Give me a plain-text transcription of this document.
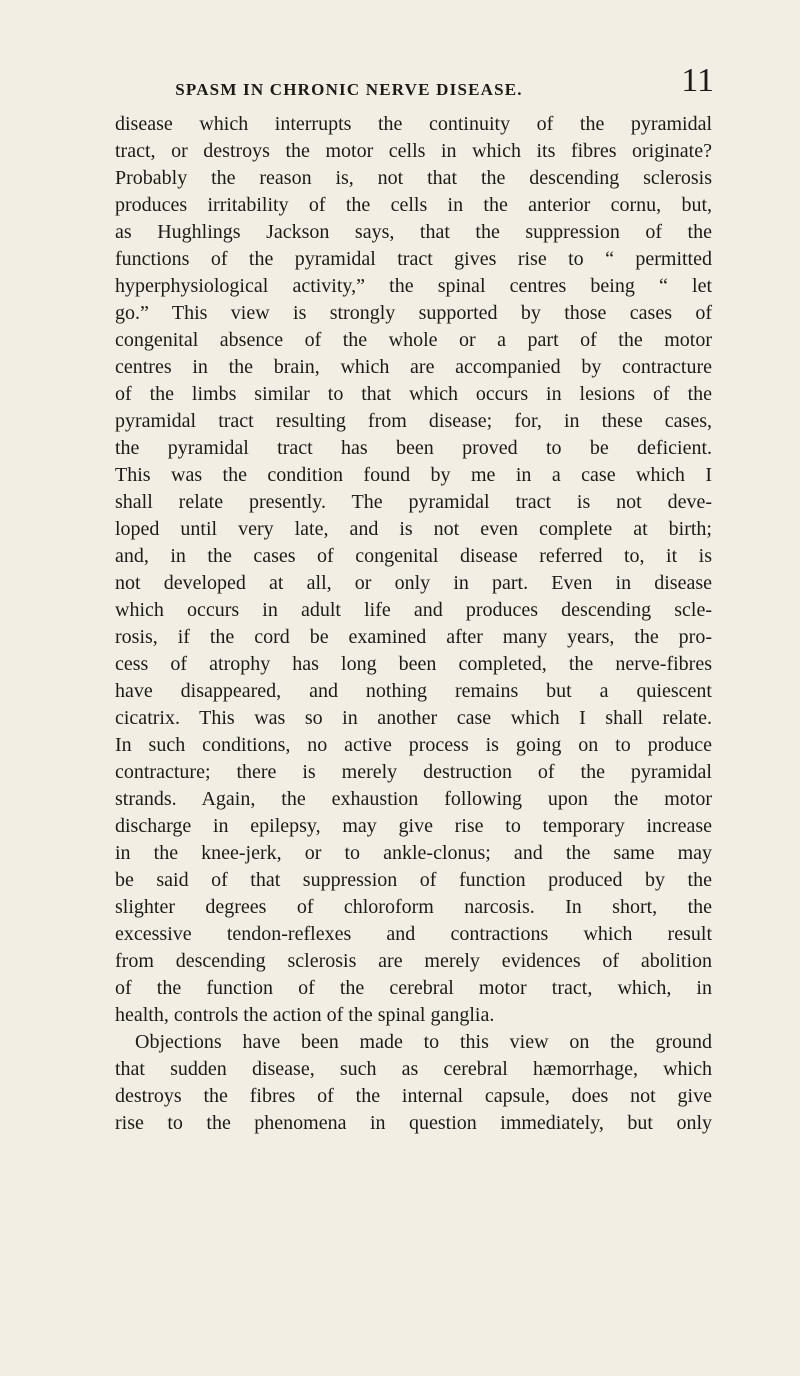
SPASM IN CHRONIC NERVE DISEASE.	11
disease which interrupts the continuity of the pyramidal
tract, or destroys the motor cells in which its fibres originate?
Probably the reason is, not that the descending sclerosis
produces irritability of the cells in the anterior cornu, but,
as Hughlings Jackson says, that the suppression of the
functions of the pyramidal tract gives rise to “ permitted
hyperphysiological activity,” the spinal centres being “ let
go.” This view is strongly supported by those cases of
congenital absence of the whole or a part of the motor
centres in the brain, which are accompanied by contracture
of the limbs similar to that which occurs in lesions of the
pyramidal tract resulting from disease; for, in these cases,
the pyramidal tract has been proved to be deficient.
This was the condition found by me in a case which I
shall relate presently. The pyramidal tract is not deve-
loped until very late, and is not even complete at birth;
and, in the cases of congenital disease referred to, it is
not developed at all, or only in part. Even in disease
which occurs in adult life and produces descending scle-
rosis, if the cord be examined after many years, the pro-
cess of atrophy has long been completed, the nerve-fibres
have disappeared, and nothing remains but a quiescent
cicatrix. This was so in another case which I shall relate.
In such conditions, no active process is going on to produce
contracture; there is merely destruction of the pyramidal
strands. Again, the exhaustion following upon the motor
discharge in epilepsy, may give rise to temporary increase
in the knee-jerk, or to ankle-clonus; and the same may
be said of that suppression of function produced by the
slighter degrees of chloroform narcosis. In short, the
excessive tendon-reflexes and contractions which result
from descending sclerosis are merely evidences of abolition
of the function of the cerebral motor tract, which, in
health, controls the action of the spinal ganglia.
Objections have been made to this view on the ground
that sudden disease, such as cerebral hæmorrhage, which
destroys the fibres of the internal capsule, does not give
rise to the phenomena in question immediately, but only
